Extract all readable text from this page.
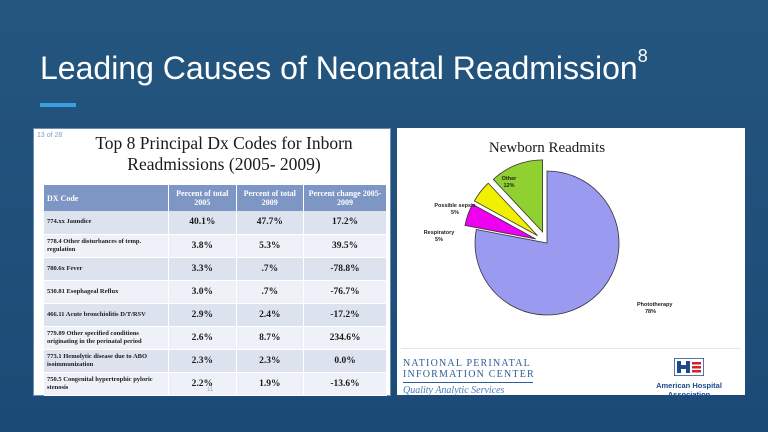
Leading Causes of Neonatal Readmission$^8$
13 of 28	Top 8 Principal Dx Codes for Inborn
Readmissions (2005- 2009)
DX Code	Percent of total 2005	Percent of total 2009	Percent change 2005-2009
774.xx Jaundice	40.1%	47.7%	17.2%
778.4 Other disturbances of temp. regulation	3.8%	5.3%	39.5%
780.6x Fever	3.3%	.7%	-78.8%
530.81 Esophageal Reflux	3.0%	.7%	-76.7%
466.11 Acute bronchiolitis D/T/RSV	2.9%	2.4%	-17.2%
779.89 Other specified conditions originating in the perinatal period	2.6%	8.7%	234.6%
773.1 Hemolytic disease due to ABO isoimmunization	2.3%	2.3%	0.0%
750.5 Congenital hypertrophic pyloric stenosis	2.2%	1.9%	-13.6%
11
Newborn Readmits
Phototherapy
78%
Respiratory
5%
Possible sepsis
5%
Other
12%
NATIONAL PERINATAL
INFORMATION CENTER
Quality Analytic Services	American Hospital
Association
